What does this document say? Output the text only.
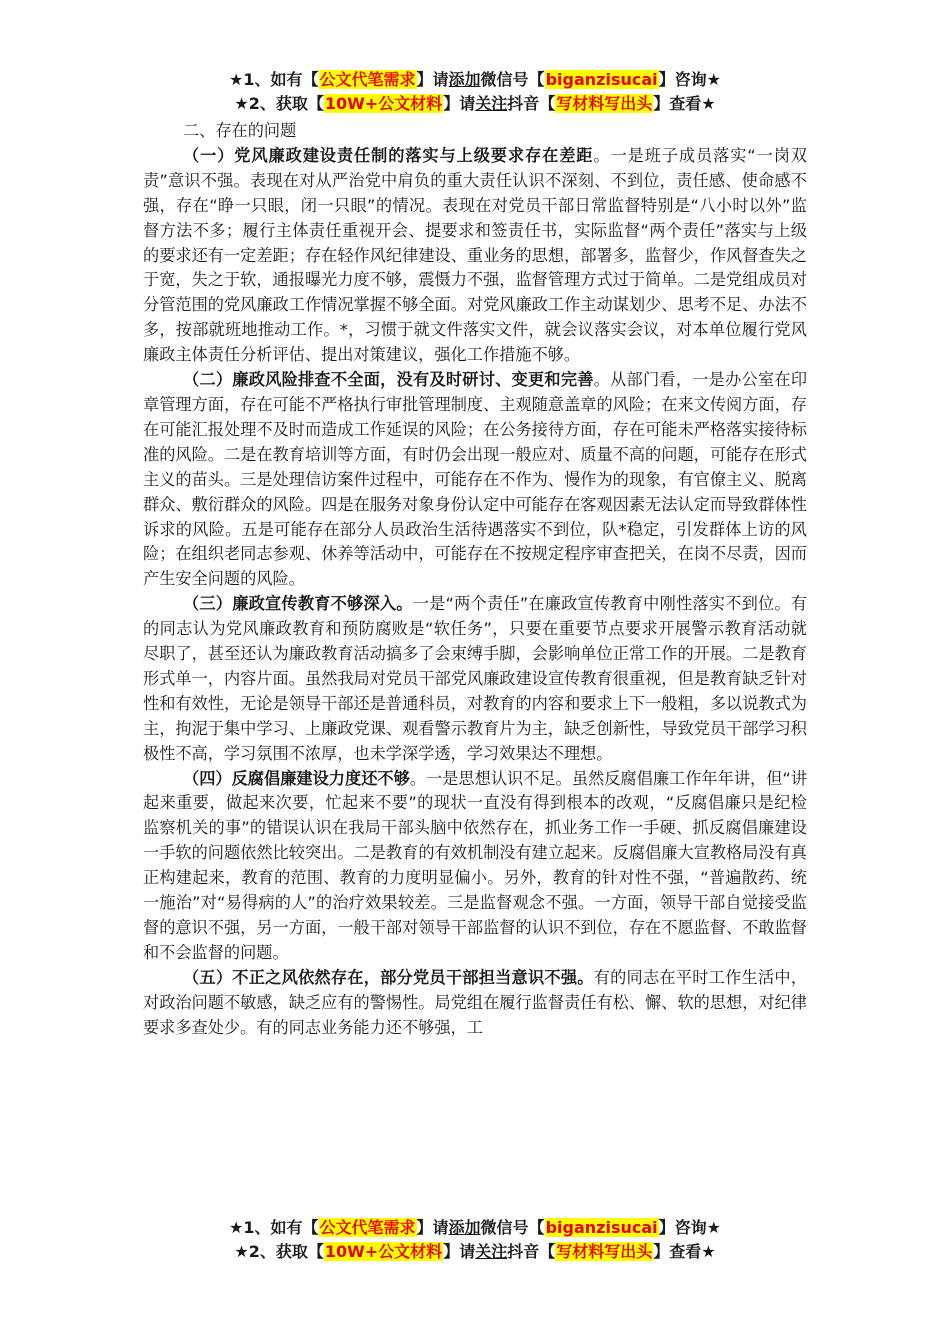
★1、如有【公文代笔需求】请添加微信号【biganzisucai】咨询★
★2、获取【10W+公文材料】请关注抖音【写材料写出头】查看★

二、存在的问题

（一）党风廉政建设责任制的落实与上级要求存在差距。一是班子成员落实“一岗双责”意识不强。表现在对从严治党中肩负的重大责任认识不深刻、不到位，责任感、使命感不强，存在“睁一只眼，闭一只眼”的情况。表现在对党员干部日常监督特别是“八小时以外”监督方法不多；履行主体责任重视开会、提要求和签责任书，实际监督“两个责任”落实与上级的要求还有一定差距；存在轻作风纪律建设、重业务的思想，部署多，监督少，作风督查失之于宽，失之于软，通报曝光力度不够，震慑力不强，监督管理方式过于简单。二是党组成员对分管范围的党风廉政工作情况掌握不够全面。对党风廉政工作主动谋划少、思考不足、办法不多，按部就班地推动工作。*，习惯于就文件落实文件，就会议落实会议，对本单位履行党风廉政主体责任分析评估、提出对策建议，强化工作措施不够。

（二）廉政风险排查不全面，没有及时研讨、变更和完善。从部门看，一是办公室在印章管理方面，存在可能不严格执行审批管理制度、主观随意盖章的风险；在来文传阅方面，存在可能汇报处理不及时而造成工作延误的风险；在公务接待方面，存在可能未严格落实接待标准的风险。二是在教育培训等方面，有时仍会出现一般应对、质量不高的问题，可能存在形式主义的苗头。三是处理信访案件过程中，可能存在不作为、慢作为的现象，有官僚主义、脱离群众、敷衍群众的风险。四是在服务对象身份认定中可能存在客观因素无法认定而导致群体性诉求的风险。五是可能存在部分人员政治生活待遇落实不到位，队*稳定，引发群体上访的风险；在组织老同志参观、休养等活动中，可能存在不按规定程序审查把关，在岗不尽责，因而产生安全问题的风险。

（三）廉政宣传教育不够深入。一是“两个责任”在廉政宣传教育中刚性落实不到位。有的同志认为党风廉政教育和预防腐败是“软任务”，只要在重要节点要求开展警示教育活动就尽职了，甚至还认为廉政教育活动搞多了会束缚手脚，会影响单位正常工作的开展。二是教育形式单一，内容片面。虽然我局对党员干部党风廉政建设宣传教育很重视，但是教育缺乏针对性和有效性，无论是领导干部还是普通科员，对教育的内容和要求上下一般粗，多以说教式为主，拘泥于集中学习、上廉政党课、观看警示教育片为主，缺乏创新性，导致党员干部学习积极性不高，学习氛围不浓厚，也未学深学透，学习效果达不理想。

（四）反腐倡廉建设力度还不够。一是思想认识不足。虽然反腐倡廉工作年年讲，但“讲起来重要，做起来次要，忙起来不要”的现状一直没有得到根本的改观，“反腐倡廉只是纪检监察机关的事”的错误认识在我局干部头脑中依然存在，抓业务工作一手硬、抓反腐倡廉建设一手软的问题依然比较突出。二是教育的有效机制没有建立起来。反腐倡廉大宣教格局没有真正构建起来，教育的范围、教育的力度明显偏小。另外，教育的针对性不强，“普遍散药、统一施治”对“易得病的人”的治疗效果较差。三是监督观念不强。一方面，领导干部自觉接受监督的意识不强，另一方面，一般干部对领导干部监督的认识不到位，存在不愿监督、不敢监督和不会监督的问题。

（五）不正之风依然存在，部分党员干部担当意识不强。有的同志在平时工作生活中，对政治问题不敏感，缺乏应有的警惕性。局党组在履行监督责任有松、懈、软的思想，对纪律要求多查处少。有的同志业务能力还不够强，工

★1、如有【公文代笔需求】请添加微信号【biganzisucai】咨询★
★2、获取【10W+公文材料】请关注抖音【写材料写出头】查看★
